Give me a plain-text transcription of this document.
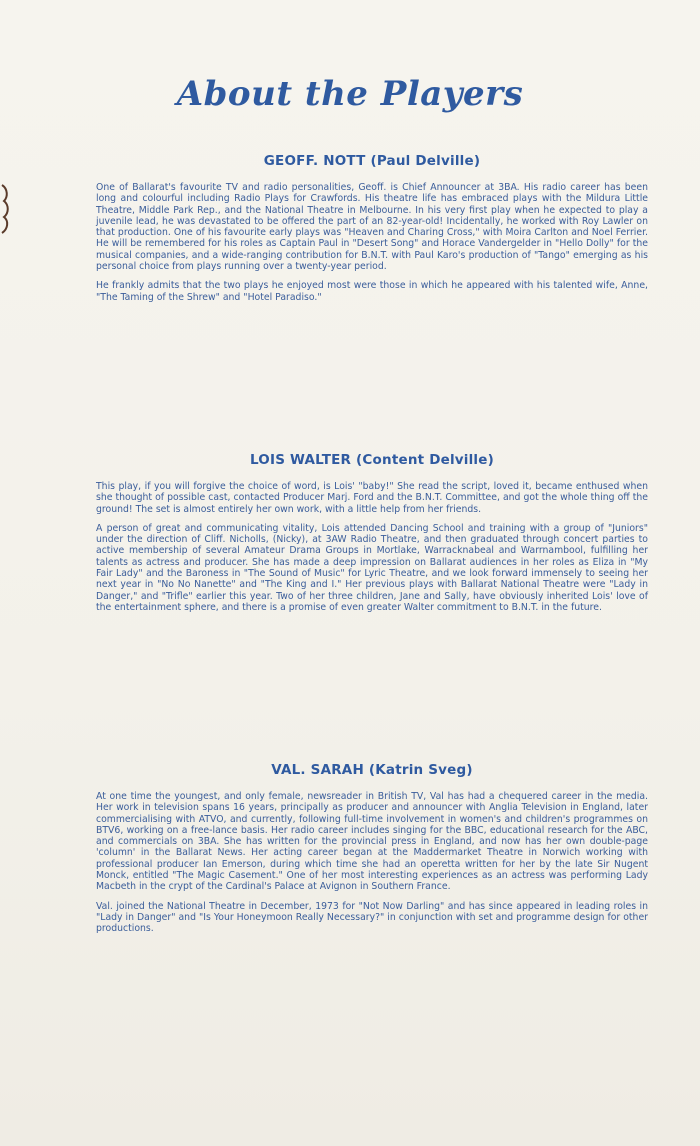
About the Players
GEOFF. NOTT (Paul Delville)

One of Ballarat's favourite TV and radio personalities, Geoff. is Chief Announcer at 3BA. His radio career has been long and colourful including Radio Plays for Crawfords. His theatre life has embraced plays with the Mildura Little Theatre, Middle Park Rep., and the National Theatre in Melbourne. In his very first play when he expected to play a juvenile lead, he was devastated to be offered the part of an 82-year-old! Incidentally, he worked with Roy Lawler on that production. One of his favourite early plays was "Heaven and Charing Cross," with Moira Carlton and Noel Ferrier. He will be remembered for his roles as Captain Paul in "Desert Song" and Horace Vandergelder in "Hello Dolly" for the musical companies, and a wide-ranging contribution for B.N.T. with Paul Karo's production of "Tango" emerging as his personal choice from plays running over a twenty-year period.

He frankly admits that the two plays he enjoyed most were those in which he appeared with his talented wife, Anne, "The Taming of the Shrew" and "Hotel Paradiso."

LOIS WALTER (Content Delville)

This play, if you will forgive the choice of word, is Lois' "baby!" She read the script, loved it, became enthused when she thought of possible cast, contacted Producer Marj. Ford and the B.N.T. Committee, and got the whole thing off the ground! The set is almost entirely her own work, with a little help from her friends.

A person of great and communicating vitality, Lois attended Dancing School and training with a group of "Juniors" under the direction of Cliff. Nicholls, (Nicky), at 3AW Radio Theatre, and then graduated through concert parties to active membership of several Amateur Drama Groups in Mortlake, Warracknabeal and Warrnambool, fulfilling her talents as actress and producer. She has made a deep impression on Ballarat audiences in her roles as Eliza in "My Fair Lady" and the Baroness in "The Sound of Music" for Lyric Theatre, and we look forward immensely to seeing her next year in "No No Nanette" and "The King and I." Her previous plays with Ballarat National Theatre were "Lady in Danger," and "Trifle" earlier this year. Two of her three children, Jane and Sally, have obviously inherited Lois' love of the entertainment sphere, and there is a promise of even greater Walter commitment to B.N.T. in the future.

VAL. SARAH (Katrin Sveg)

At one time the youngest, and only female, newsreader in British TV, Val has had a chequered career in the media. Her work in television spans 16 years, principally as producer and announcer with Anglia Television in England, later commercialising with ATVO, and currently, following full-time involvement in women's and children's programmes on BTV6, working on a free-lance basis. Her radio career includes singing for the BBC, educational research for the ABC, and commercials on 3BA. She has written for the provincial press in England, and now has her own double-page 'column' in the Ballarat News. Her acting career began at the Maddermarket Theatre in Norwich working with professional producer Ian Emerson, during which time she had an operetta written for her by the late Sir Nugent Monck, entitled "The Magic Casement." One of her most interesting experiences as an actress was performing Lady Macbeth in the crypt of the Cardinal's Palace at Avignon in Southern France.

Val. joined the National Theatre in December, 1973 for "Not Now Darling" and has since appeared in leading roles in "Lady in Danger" and "Is Your Honeymoon Really Necessary?" in conjunction with set and programme design for other productions.
